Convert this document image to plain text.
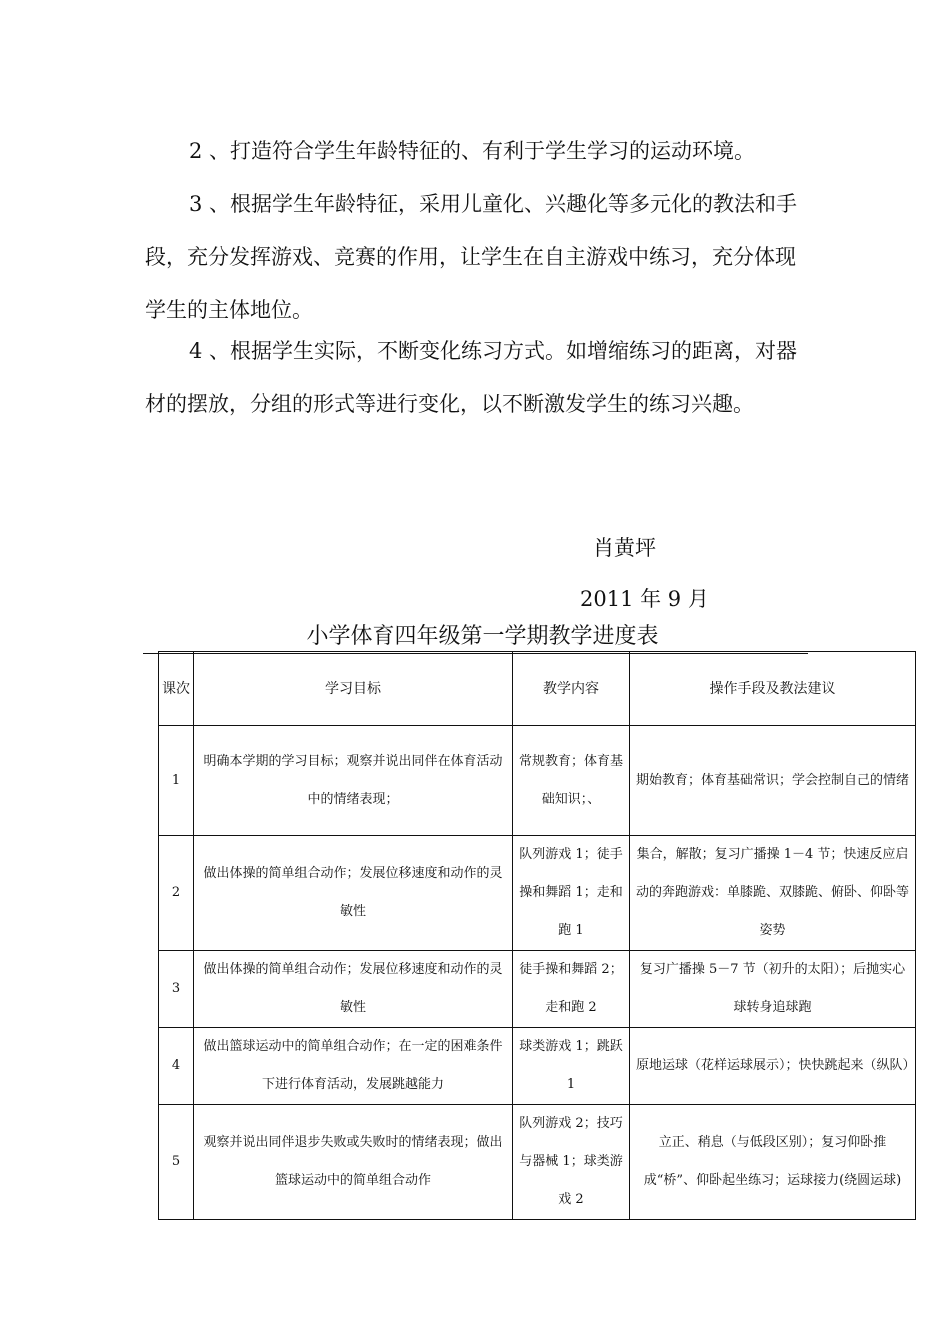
2 、打造符合学生年龄特征的、有利于学生学习的运动环境。

3 、根据学生年龄特征，采用儿童化、兴趣化等多元化的教法和手段，充分发挥游戏、竞赛的作用，让学生在自主游戏中练习，充分体现学生的主体地位。

4 、根据学生实际，不断变化练习方式。如增缩练习的距离，对器材的摆放，分组的形式等进行变化，以不断激发学生的练习兴趣。

肖黄坪
2011 年 9 月
小学体育四年级第一学期教学进度表
课次	学习目标	教学内容	操作手段及教法建议
1	明确本学期的学习目标；观察并说出同伴在体育活动中的情绪表现；	常规教育；体育基础知识；、	期始教育；体育基础常识；学会控制自己的情绪
2	做出体操的简单组合动作；发展位移速度和动作的灵敏性	队列游戏 1；徒手操和舞蹈 1；走和跑 1	集合，解散；复习广播操 1－4 节；快速反应启动的奔跑游戏：单膝跪、双膝跪、俯卧、仰卧等姿势
3	做出体操的简单组合动作；发展位移速度和动作的灵敏性	徒手操和舞蹈 2；走和跑 2	复习广播操 5－7 节（初升的太阳）；后抛实心球转身追球跑
4	做出篮球运动中的简单组合动作；在一定的困难条件下进行体育活动，发展跳越能力	球类游戏 1；跳跃 1	原地运球（花样运球展示）；快快跳起来（纵队）
5	观察并说出同伴退步失败或失败时的情绪表现；做出篮球运动中的简单组合动作	队列游戏 2；技巧与器械 1；球类游戏 2	立正、稍息（与低段区别）；复习仰卧推成“桥”、仰卧起坐练习；运球接力(绕圆运球)
